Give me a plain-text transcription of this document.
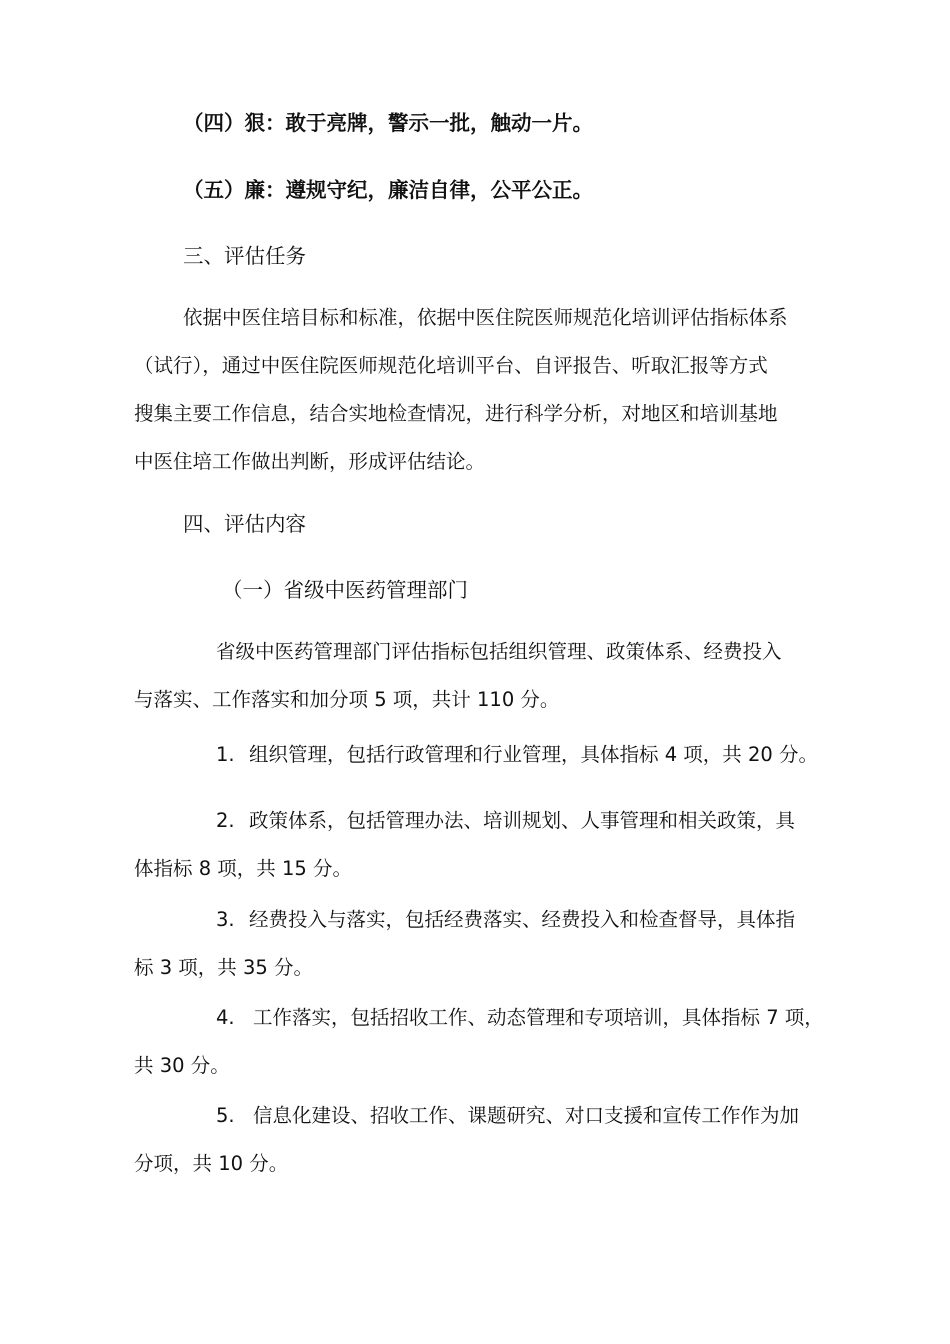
（四）狠：敢于亮牌，警示一批，触动一片。
（五）廉：遵规守纪，廉洁自律，公平公正。
三、评估任务
依据中医住培目标和标准，依据中医住院医师规范化培训评估指标体系
（试行），通过中医住院医师规范化培训平台、自评报告、听取汇报等方式
搜集主要工作信息，结合实地检查情况，进行科学分析，对地区和培训基地
中医住培工作做出判断，形成评估结论。
四、评估内容
（一）省级中医药管理部门
省级中医药管理部门评估指标包括组织管理、政策体系、经费投入
与落实、工作落实和加分项 5 项，共计 110 分。
1. 组织管理，包括行政管理和行业管理，具体指标 4 项，共 20 分。
2. 政策体系，包括管理办法、培训规划、人事管理和相关政策，具
体指标 8 项，共 15 分。
3. 经费投入与落实，包括经费落实、经费投入和检查督导，具体指
标 3 项，共 35 分。
4. 工作落实，包括招收工作、动态管理和专项培训，具体指标 7 项，
共 30 分。
5. 信息化建设、招收工作、课题研究、对口支援和宣传工作作为加
分项，共 10 分。
